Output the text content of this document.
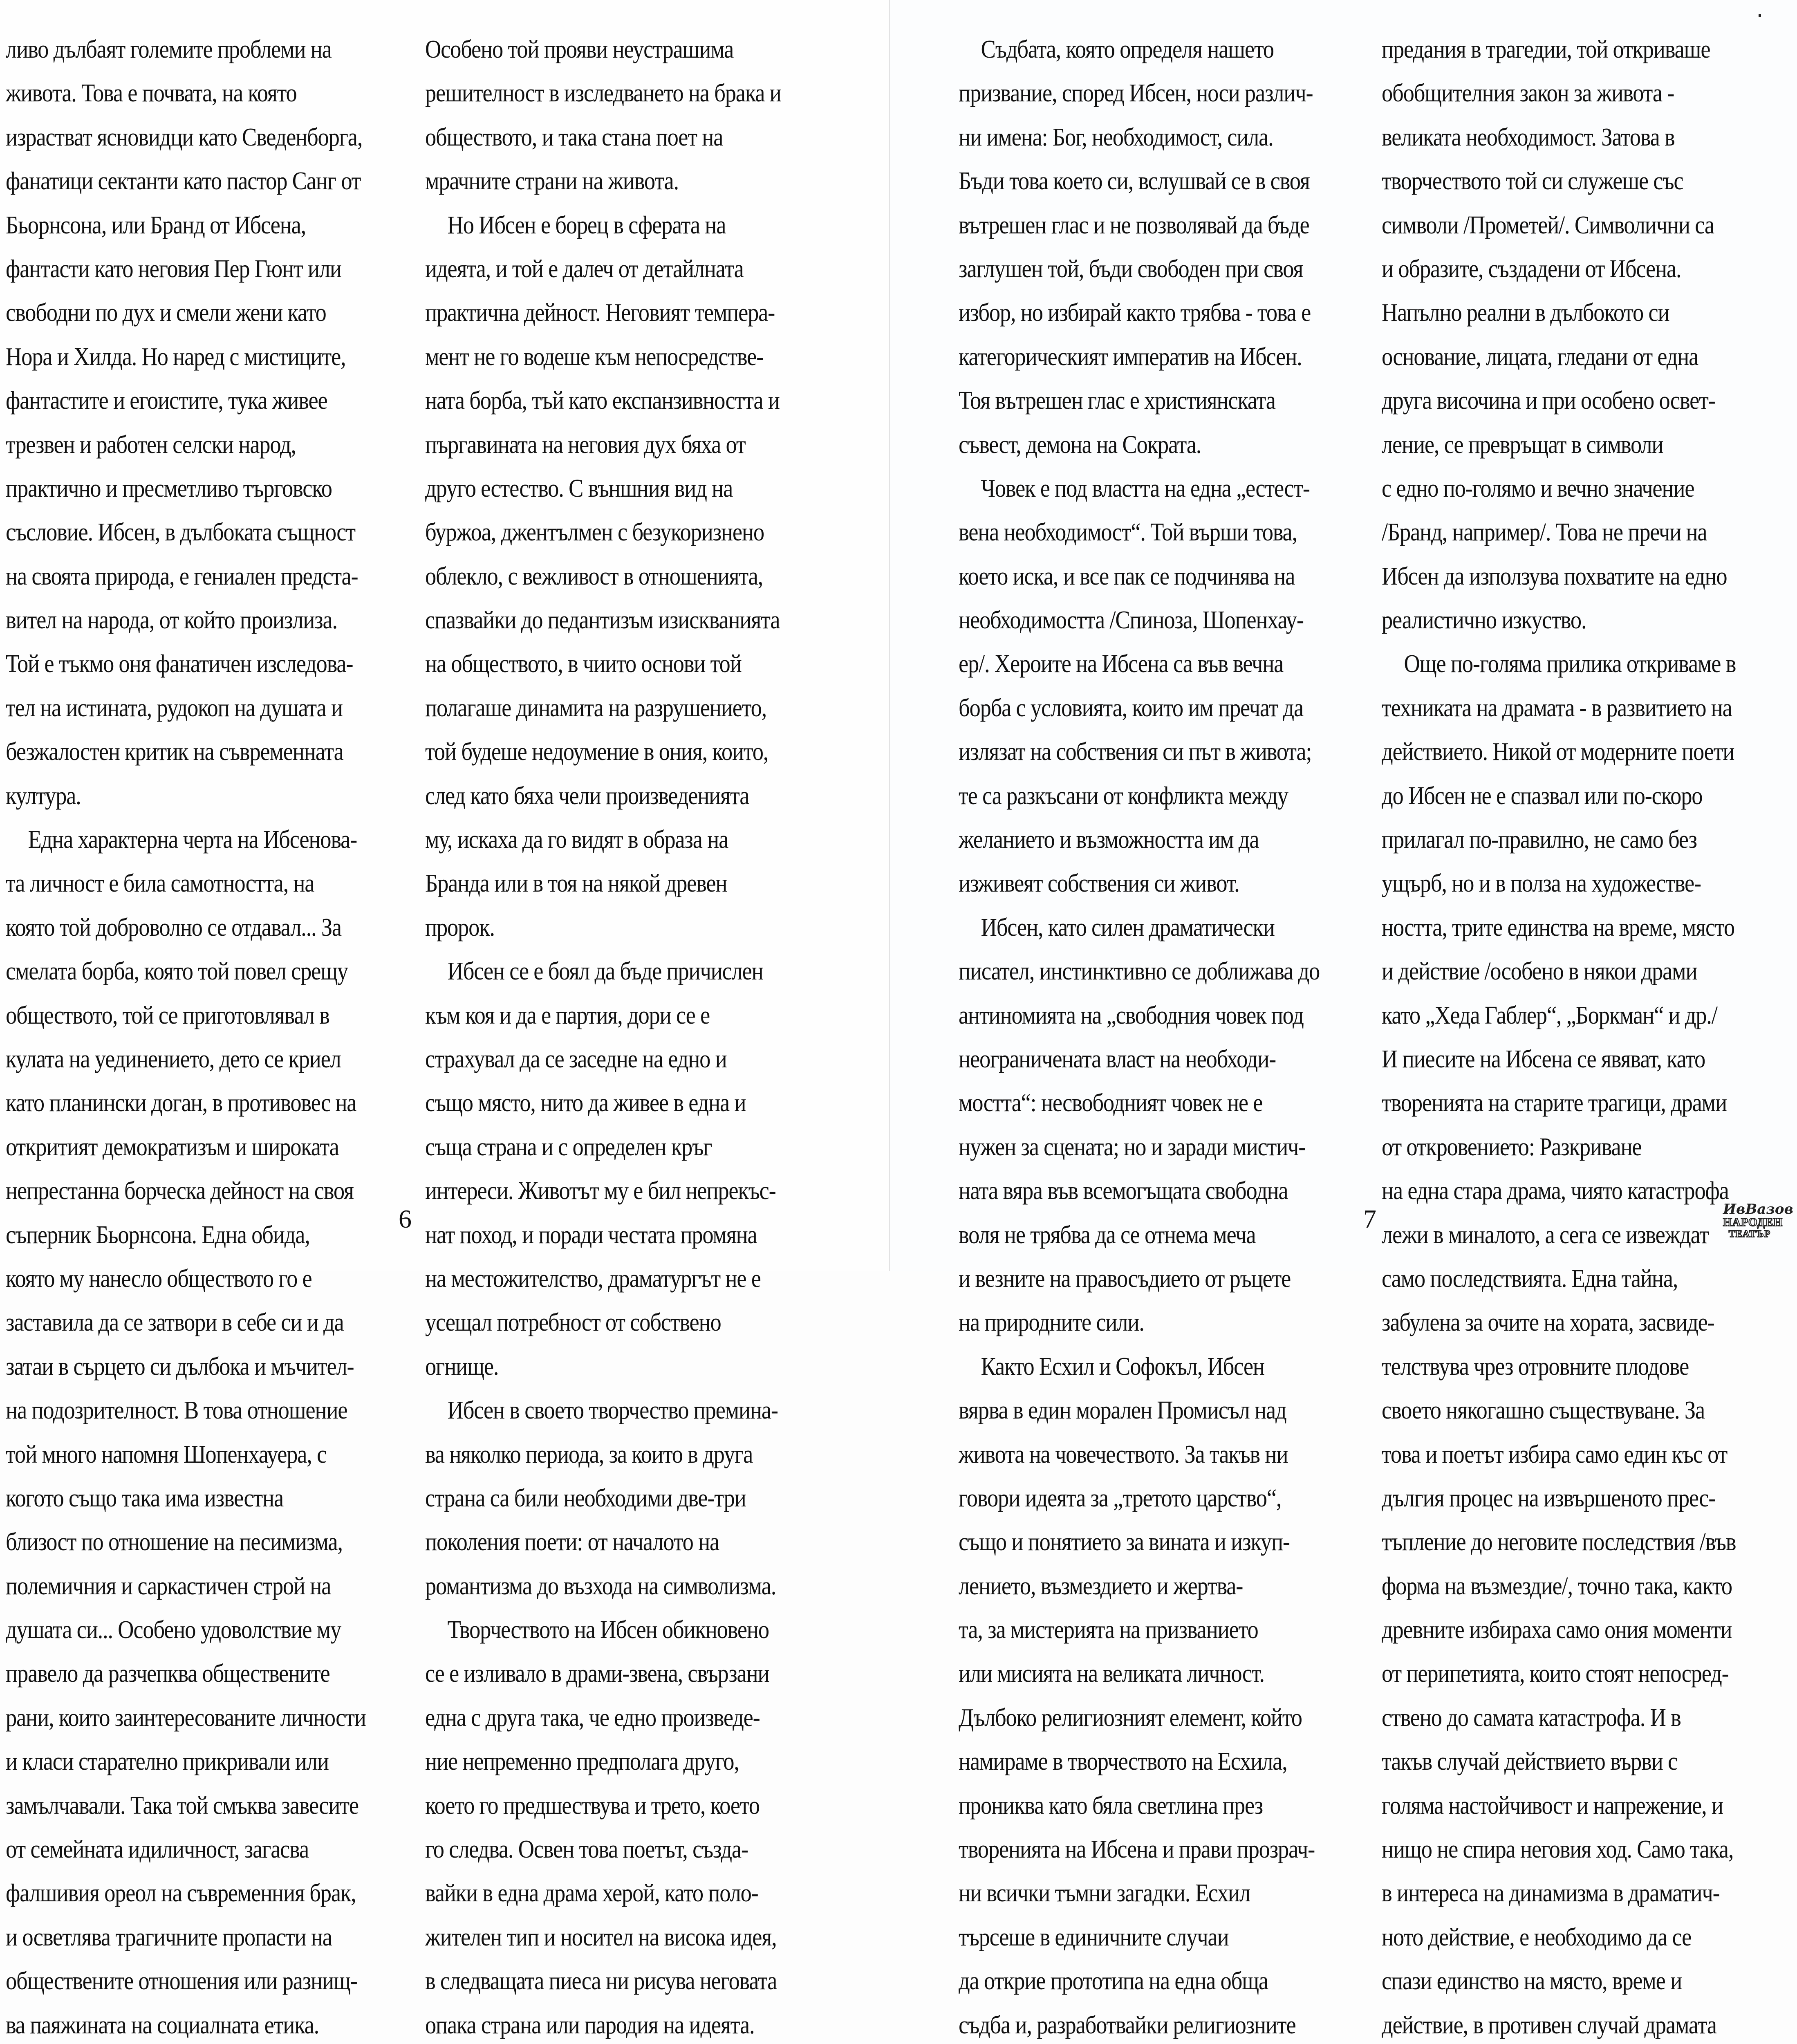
ливо дълбаят големите проблеми на
живота. Това е почвата, на която
израстват ясновидци като Сведенборга,
фанатици сектанти като пастор Санг от
Бьорнсона, или Бранд от Ибсена,
фантасти като неговия Пер Гюнт или
свободни по дух и смели жени като
Нора и Хилда. Но наред с мистиците,
фантастите и егоистите, тука живее
трезвен и работен селски народ,
практично и пресметливо търговско
съсловие. Ибсен, в дълбоката същност
на своята природа, е гениален предста-
вител на народа, от който произлиза.
Той е тъкмо оня фанатичен изследова-
тел на истината, рудокоп на душата и
безжалостен критик на съвременната
култура.
Една характерна черта на Ибсенова-
та личност е била самотността, на
която той доброволно се отдавал... За
смелата борба, която той повел срещу
обществото, той се приготовлявал в
кулата на уединението, дето се криел
като планински доган, в противовес на
откритият демократизъм и широката
непрестанна борческа дейност на своя
съперник Бьорнсона. Една обида,
която му нанесло обществото го е
заставила да се затвори в себе си и да
затаи в сърцето си дълбока и мъчител-
на подозрителност. В това отношение
той много напомня Шопенхауера, с
когото също така има известна
близост по отношение на песимизма,
полемичния и саркастичен строй на
душата си... Особено удоволствие му
правело да разчепква обществените
рани, които заинтересованите личности
и класи старателно прикривали или
замълчавали. Така той смъква завесите
от семейната идиличност, загасва
фалшивия ореол на съвременния брак,
и осветлява трагичните пропасти на
обществените отношения или разнищ-
ва паяжината на социалната етика.
Особено той прояви неустрашима
решителност в изследването на брака и
обществото, и така стана поет на
мрачните страни на живота.
Но Ибсен е борец в сферата на
идеята, и той е далеч от детайлната
практична дейност. Неговият темпера-
мент не го водеше към непосредстве-
ната борба, тъй като експанзивността и
пъргавината на неговия дух бяха от
друго естество. С външния вид на
буржоа, джентълмен с безукоризнено
облекло, с вежливост в отношенията,
спазвайки до педантизъм изискванията
на обществото, в чиито основи той
полагаше динамита на разрушението,
той будеше недоумение в ония, които,
след като бяха чели произведенията
му, искаха да го видят в образа на
Бранда или в тоя на някой древен
пророк.
Ибсен се е боял да бъде причислен
към коя и да е партия, дори се е
страхувал да се заседне на едно и
също място, нито да живее в една и
съща страна и с определен кръг
интереси. Животът му е бил непрекъс-
нат поход, и поради честата промяна
на местожителство, драматургът не е
усещал потребност от собствено
огнище.
Ибсен в своето творчество премина-
ва няколко периода, за които в друга
страна са били необходими две-три
поколения поети: от началото на
романтизма до възхода на символизма.
Творчеството на Ибсен обикновено
се е изливало в драми-звена, свързани
една с друга така, че едно произведе-
ние непременно предполага друго,
което го предшествува и трето, което
го следва. Освен това поетът, създа-
вайки в една драма херой, като поло-
жителен тип и носител на висока идея,
в следващата пиеса ни рисува неговата
опака страна или пародия на идеята.
Съдбата, която определя нашето
призвание, според Ибсен, носи различ-
ни имена: Бог, необходимост, сила.
Бъди това което си, вслушвай се в своя
вътрешен глас и не позволявай да бъде
заглушен той, бъди свободен при своя
избор, но избирай както трябва - това е
категорическият императив на Ибсен.
Тоя вътрешен глас е християнската
съвест, демона на Сократа.
Човек е под властта на една „естест-
вена необходимост“. Той върши това,
което иска, и все пак се подчинява на
необходимостта /Спиноза, Шопенхау-
ер/. Хероите на Ибсена са във вечна
борба с условията, които им пречат да
излязат на собствения си път в живота;
те са разкъсани от конфликта между
желанието и възможността им да
изживеят собствения си живот.
Ибсен, като силен драматически
писател, инстинктивно се доближава до
антиномията на „свободния човек под
неограничената власт на необходи-
мостта“: несвободният човек не е
нужен за сцената; но и заради мистич-
ната вяра във всемогъщата свободна
воля не трябва да се отнема меча
и везните на правосъдието от ръцете
на природните сили.
Както Есхил и Софокъл, Ибсен
вярва в един морален Промисъл над
живота на човечеството. За такъв ни
говори идеята за „третото царство“,
също и понятието за вината и изкуп-
лението, възмездието и жертва-
та, за мистерията на призванието
или мисията на великата личност.
Дълбоко религиозният елемент, който
намираме в творчеството на Есхила,
прониква като бяла светлина през
творенията на Ибсена и прави прозрач-
ни всички тъмни загадки. Есхил
търсеше в единичните случаи
да открие прототипа на една обща
съдба и, разработвайки религиозните
предания в трагедии, той откриваше
обобщителния закон за живота -
великата необходимост. Затова в
творчеството той си служеше със
символи /Прометей/. Символични са
и образите, създадени от Ибсена.
Напълно реални в дълбокото си
основание, лицата, гледани от една
друга височина и при особено освет-
ление, се превръщат в символи
с едно по-голямо и вечно значение
/Бранд, например/. Това не пречи на
Ибсен да използува похватите на едно
реалистично изкуство.
Още по-голяма прилика откриваме в
техниката на драмата - в развитието на
действието. Никой от модерните поети
до Ибсен не е спазвал или по-скоро
прилагал по-правилно, не само без
ущърб, но и в полза на художестве-
ността, трите единства на време, място
и действие /особено в някои драми
като „Хеда Габлер“, „Боркман“ и др./
И пиесите на Ибсена се явяват, като
творенията на старите трагици, драми
от откровението: Разкриване
на една стара драма, чиято катастрофа
лежи в миналото, а сега се извеждат
само последствията. Една тайна,
забулена за очите на хората, засвиде-
телствува чрез отровните плодове
своето някогашно съществуване. За
това и поетът избира само един къс от
дългия процес на извършеното прес-
тъпление до неговите последствия /във
форма на възмездие/, точно така, както
древните избираха само ония моменти
от перипетията, които стоят непосред-
ствено до самата катастрофа. И в
такъв случай действието върви с
голяма настойчивост и напрежение, и
нищо не спира неговия ход. Само така,
в интереса на динамизма в драматич-
ното действие, е необходимо да се
спази единство на място, време и
действие, в противен случай драмата
6	7	ИвВазов
НАРОДЕН
ТЕАТЪР
